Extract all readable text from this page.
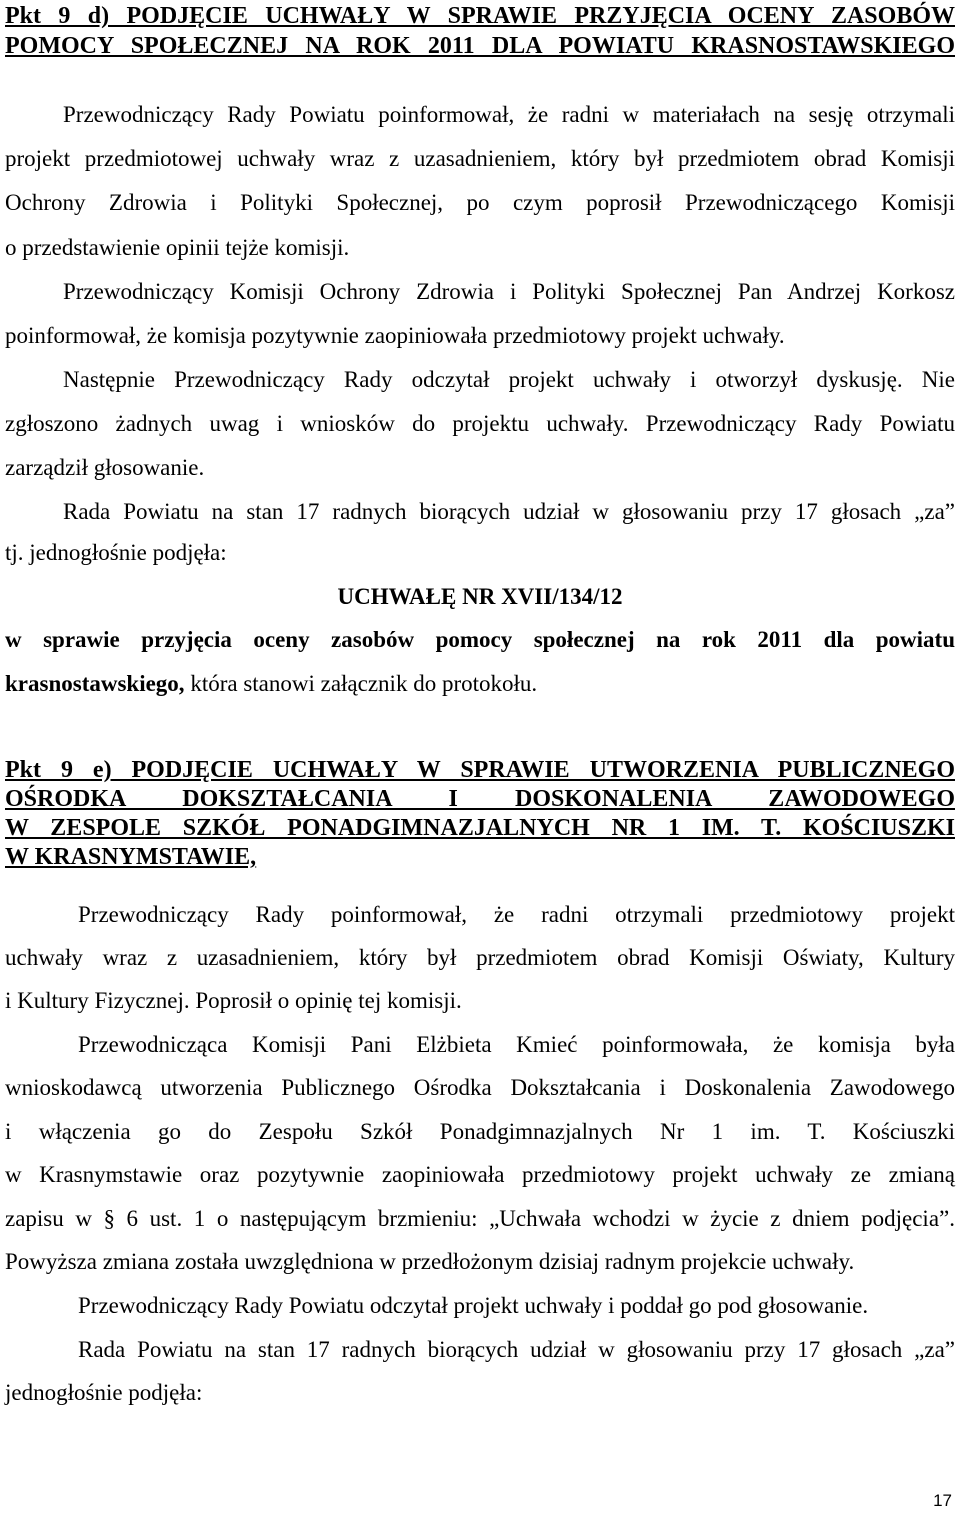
Pkt 9 d) PODJĘCIE UCHWAŁY W SPRAWIE PRZYJĘCIA OCENY ZASOBÓW
POMOCY SPOŁECZNEJ NA ROK 2011 DLA POWIATU KRASNOSTAWSKIEGO
Przewodniczący Rady Powiatu poinformował, że radni w materiałach na sesję otrzymali
projekt przedmiotowej uchwały wraz z uzasadnieniem, który był przedmiotem obrad Komisji
Ochrony Zdrowia i Polityki Społecznej, po czym poprosił Przewodniczącego Komisji
o przedstawienie opinii tejże komisji.
Przewodniczący Komisji Ochrony Zdrowia i Polityki Społecznej Pan Andrzej Korkosz
poinformował, że komisja pozytywnie zaopiniowała przedmiotowy projekt uchwały.
Następnie Przewodniczący Rady odczytał projekt uchwały i otworzył dyskusję. Nie
zgłoszono żadnych uwag i wniosków do projektu uchwały. Przewodniczący Rady Powiatu
zarządził głosowanie.
Rada Powiatu na stan 17 radnych biorących udział w głosowaniu przy 17 głosach „za”
tj. jednogłośnie podjęła:
UCHWAŁĘ NR XVII/134/12
w sprawie przyjęcia oceny zasobów pomocy społecznej na rok 2011 dla powiatu
krasnostawskiego, która stanowi załącznik do protokołu.
Pkt 9 e) PODJĘCIE UCHWAŁY W SPRAWIE UTWORZENIA PUBLICZNEGO
OŚRODKA DOKSZTAŁCANIA I DOSKONALENIA ZAWODOWEGO
W ZESPOLE SZKÓŁ PONADGIMNAZJALNYCH NR 1 IM. T. KOŚCIUSZKI
W KRASNYMSTAWIE,
Przewodniczący Rady poinformował, że radni otrzymali przedmiotowy projekt
uchwały wraz z uzasadnieniem, który był przedmiotem obrad Komisji Oświaty, Kultury
i Kultury Fizycznej. Poprosił o opinię tej komisji.
Przewodnicząca Komisji Pani Elżbieta Kmieć poinformowała, że komisja była
wnioskodawcą utworzenia Publicznego Ośrodka Dokształcania i Doskonalenia Zawodowego
i włączenia go do Zespołu Szkół Ponadgimnazjalnych Nr 1 im. T. Kościuszki
w Krasnymstawie oraz pozytywnie zaopiniowała przedmiotowy projekt uchwały ze zmianą
zapisu w § 6 ust. 1 o następującym brzmieniu: „Uchwała wchodzi w życie z dniem podjęcia”.
Powyższa zmiana została uwzględniona w przedłożonym dzisiaj radnym projekcie uchwały.
Przewodniczący Rady Powiatu odczytał projekt uchwały i poddał go pod głosowanie.
Rada Powiatu na stan 17 radnych biorących udział w głosowaniu przy 17 głosach „za”
jednogłośnie podjęła:
17
